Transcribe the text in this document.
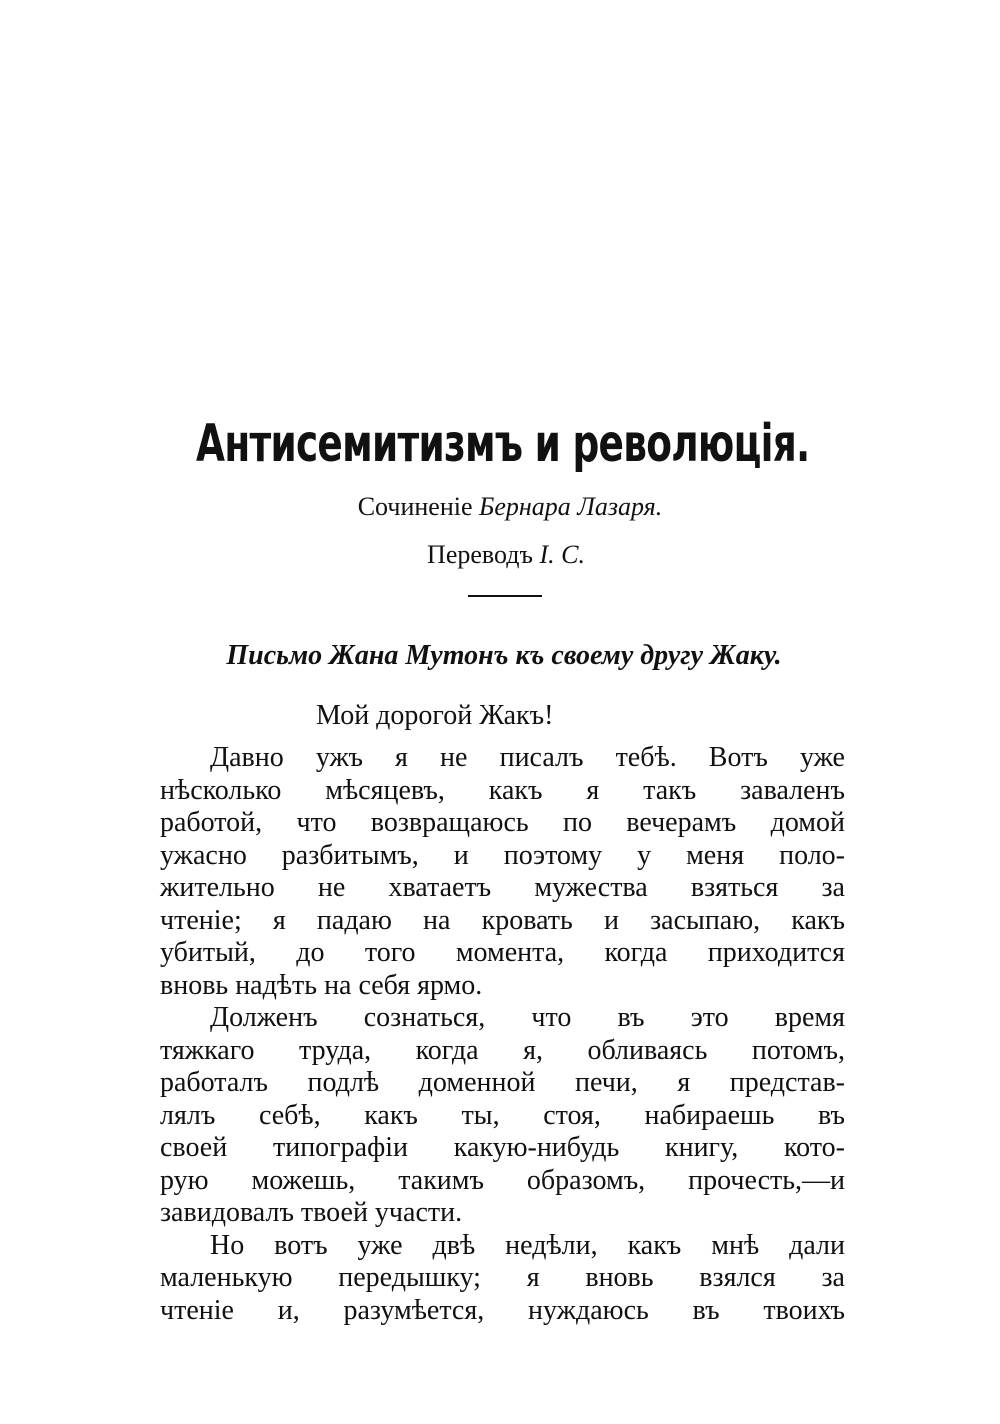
Антисемитизмъ и революція.

Сочиненіе Бернара Лазаря.

Переводъ І. С.

Письмо Жана Мутонъ къ своему другу Жаку.

Мой дорогой Жакъ!

Давно ужъ я не писалъ тебѣ. Вотъ уже
нѣсколько мѣсяцевъ, какъ я такъ заваленъ
работой, что возвращаюсь по вечерамъ домой
ужасно разбитымъ, и поэтому у меня поло-
жительно не хватаетъ мужества взяться за
чтеніе; я падаю на кровать и засыпаю, какъ
убитый, до того момента, когда приходится
вновь надѣть на себя ярмо.
Долженъ сознаться, что въ это время
тяжкаго труда, когда я, обливаясь потомъ,
работалъ подлѣ доменной печи, я представ-
лялъ себѣ, какъ ты, стоя, набираешь въ
своей типографіи какую-нибудь книгу, кото-
рую можешь, такимъ образомъ, прочесть,—и
завидовалъ твоей участи.
Но вотъ уже двѣ недѣли, какъ мнѣ дали
маленькую передышку; я вновь взялся за
чтеніе и, разумѣется, нуждаюсь въ твоихъ
